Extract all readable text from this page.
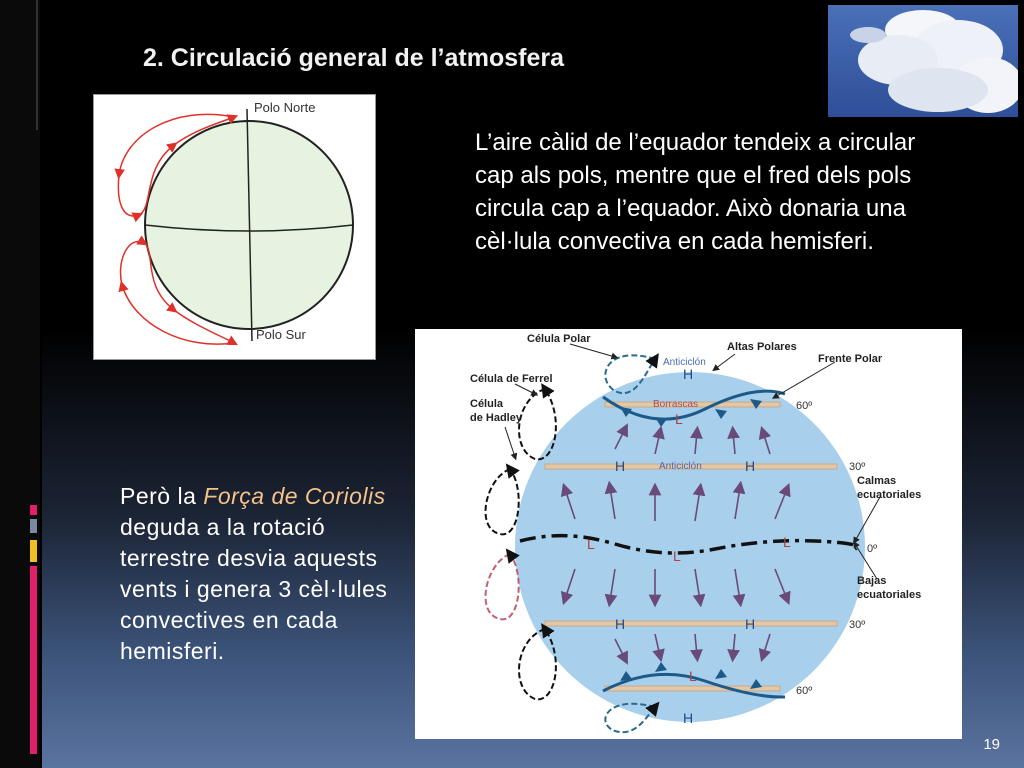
2. Circulació general de l’atmosfera
Polo Norte
Polo Sur

L’aire càlid de l’equador tendeix a circular cap als pols, mentre que el fred dels pols circula cap a l’equador. Això donaria una cèl·lula convectiva en cada hemisferi.

Célula Polar
Altas Polares
Frente Polar
Célula de Ferrel
Célula
de Hadley
Calmas
ecuatoriales
Bajas
ecuatoriales
Anticiclón
Borrascas
Anticiclón
60º
30º
0º
30º
60º
H
H	H
H	H
H
L
L
L
L
L

Però la Força de Coriolis deguda a la rotació terrestre desvia aquests vents i genera 3 cèl·lules convectives en cada hemisferi.

19
